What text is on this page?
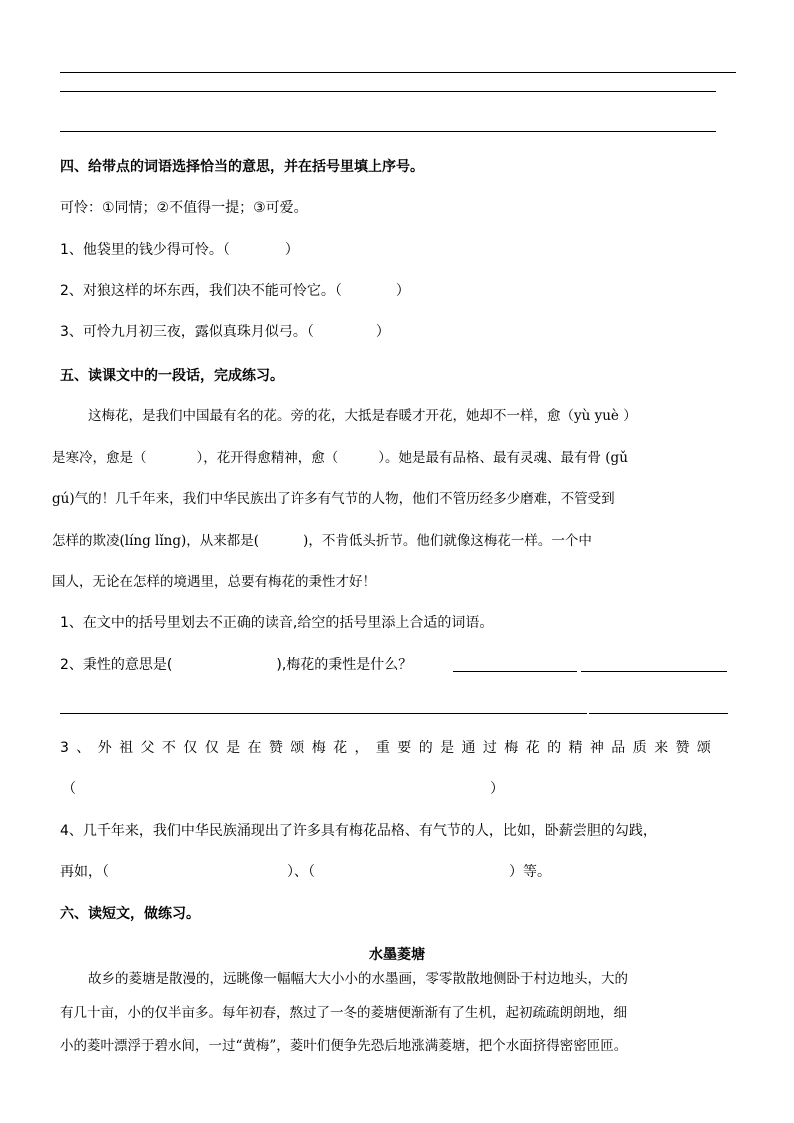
四、给带点的词语选择恰当的意思，并在括号里填上序号。
可怜：①同情；②不值得一提；③可爱。
1、他袋里的钱少得可怜。（	）
2、对狼这样的坏东西，我们决不能可怜它。（	）
3、可怜九月初三夜，露似真珠月似弓。（	）
五、读课文中的一段话，完成练习。
这梅花，是我们中国最有名的花。旁的花，大抵是春暖才开花，她却不一样，愈（yù yuè ）
是寒冷，愈是（	），花开得愈精神，愈（	）。她是最有品格、最有灵魂、最有骨 (gǔ
gú)气的！几千年来，我们中华民族出了许多有气节的人物，他们不管历经多少磨难，不管受到
怎样的欺凌(líng lǐng)，从来都是(	)，不肯低头折节。他们就像这梅花一样。一个中
国人，无论在怎样的境遇里，总要有梅花的秉性才好！
1、在文中的括号里划去不正确的读音,给空的括号里添上合适的词语。
2、秉性的意思是(	),梅花的秉性是什么？
3、外祖父不仅仅是在赞颂梅花，重要的是通过梅花的精神品质来赞颂
（	）
4、几千年来，我们中华民族涌现出了许多具有梅花品格、有气节的人，比如，卧薪尝胆的勾践，
再如，（	）、（	）等。
六、读短文，做练习。
水墨菱塘
故乡的菱塘是散漫的，远眺像一幅幅大大小小的水墨画，零零散散地侧卧于村边地头，大的
有几十亩，小的仅半亩多。每年初春，熬过了一冬的菱塘便渐渐有了生机，起初疏疏朗朗地，细
小的菱叶漂浮于碧水间，一过“黄梅”，菱叶们便争先恐后地涨满菱塘，把个水面挤得密密匝匝。
